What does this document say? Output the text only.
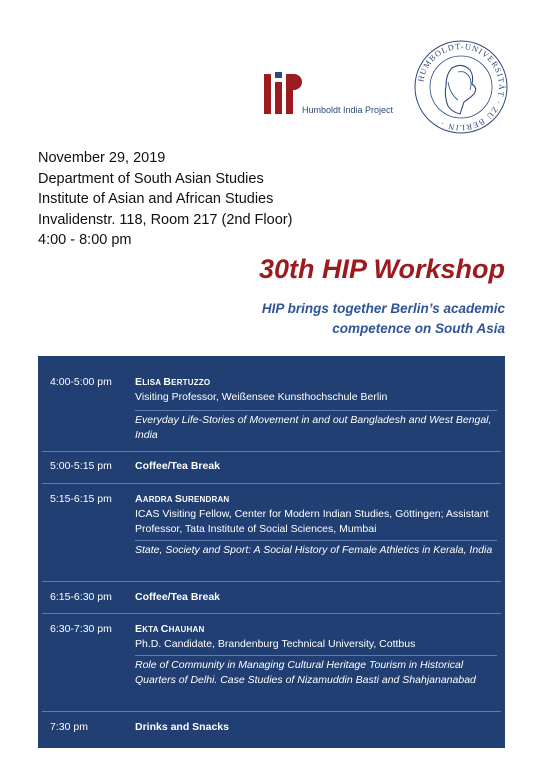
Humboldt India Project
HUMBOLDT-UNIVERSITÄT · ZU BERLIN ·
November 29, 2019
Department of South Asian Studies
Institute of Asian and African Studies
Invalidenstr. 118, Room 217 (2nd Floor)
4:00 - 8:00 pm
30th HIP Workshop
HIP brings together Berlin’s academic
competence on South Asia
4:00-5:00 pm ELISA BERTUZZO
Visiting Professor, Weißensee Kunsthochschule Berlin
Everyday Life-Stories of Movement in and out Bangladesh and West Bengal, India
5:00-5:15 pm Coffee/Tea Break
5:15-6:15 pm AARDRA SURENDRAN
ICAS Visiting Fellow, Center for Modern Indian Studies, Göttingen; Assistant Professor, Tata Institute of Social Sciences, Mumbai
State, Society and Sport: A Social History of Female Athletics in Kerala, India
6:15-6:30 pm Coffee/Tea Break
6:30-7:30 pm EKTA CHAUHAN
Ph.D. Candidate, Brandenburg Technical University, Cottbus
Role of Community in Managing Cultural Heritage Tourism in Historical Quarters of Delhi. Case Studies of Nizamuddin Basti and Shahjananabad
7:30 pm	Drinks and Snacks
